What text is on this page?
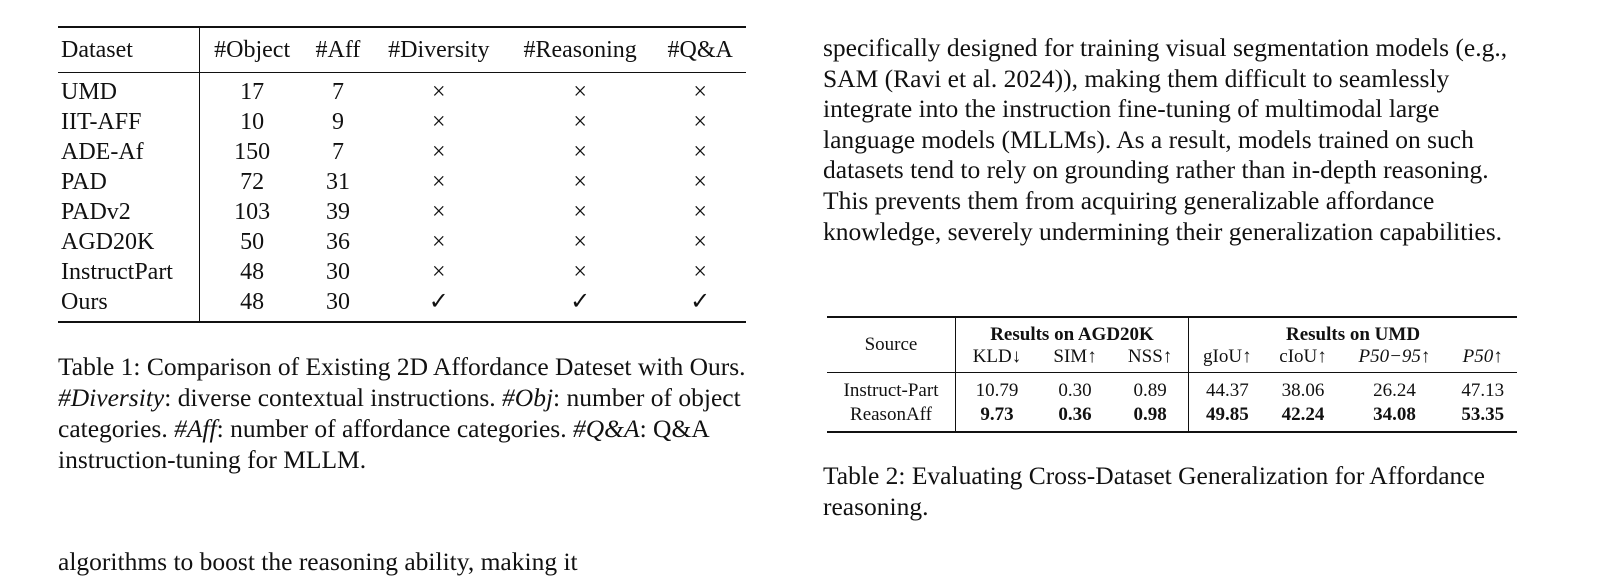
Dataset	#Object	#Aff	#Diversity	#Reasoning	#Q&A
UMD	17	7	×	×	×
IIT-AFF	10	9	×	×	×
ADE-Af	150	7	×	×	×
PAD	72	31	×	×	×
PADv2	103	39	×	×	×
AGD20K	50	36	×	×	×
InstructPart	48	30	×	×	×
Ours	48	30	✓	✓	✓

Table 1: Comparison of Existing 2D Affordance Dateset with Ours. #Diversity: diverse contextual instructions. #Obj: number of object categories. #Aff: number of affordance categories. #Q&A: Q&A instruction-tuning for MLLM.

algorithms to boost the reasoning ability, making it

specifically designed for training visual segmentation models (e.g., SAM (Ravi et al. 2024)), making them difficult to seamlessly integrate into the instruction fine-tuning of multimodal large language models (MLLMs). As a result, models trained on such datasets tend to rely on grounding rather than in-depth reasoning. This prevents them from acquiring generalizable affordance knowledge, severely undermining their generalization capabilities.

Source	Results on AGD20K			Results on UMD			
	KLD↓	SIM↑	NSS↑	gIoU↑	cIoU↑	P50−95↑	P50↑
Instruct-Part	10.79	0.30	0.89	44.37	38.06	26.24	47.13
ReasonAff	9.73	0.36	0.98	49.85	42.24	34.08	53.35

Table 2: Evaluating Cross-Dataset Generalization for Affordance reasoning.
